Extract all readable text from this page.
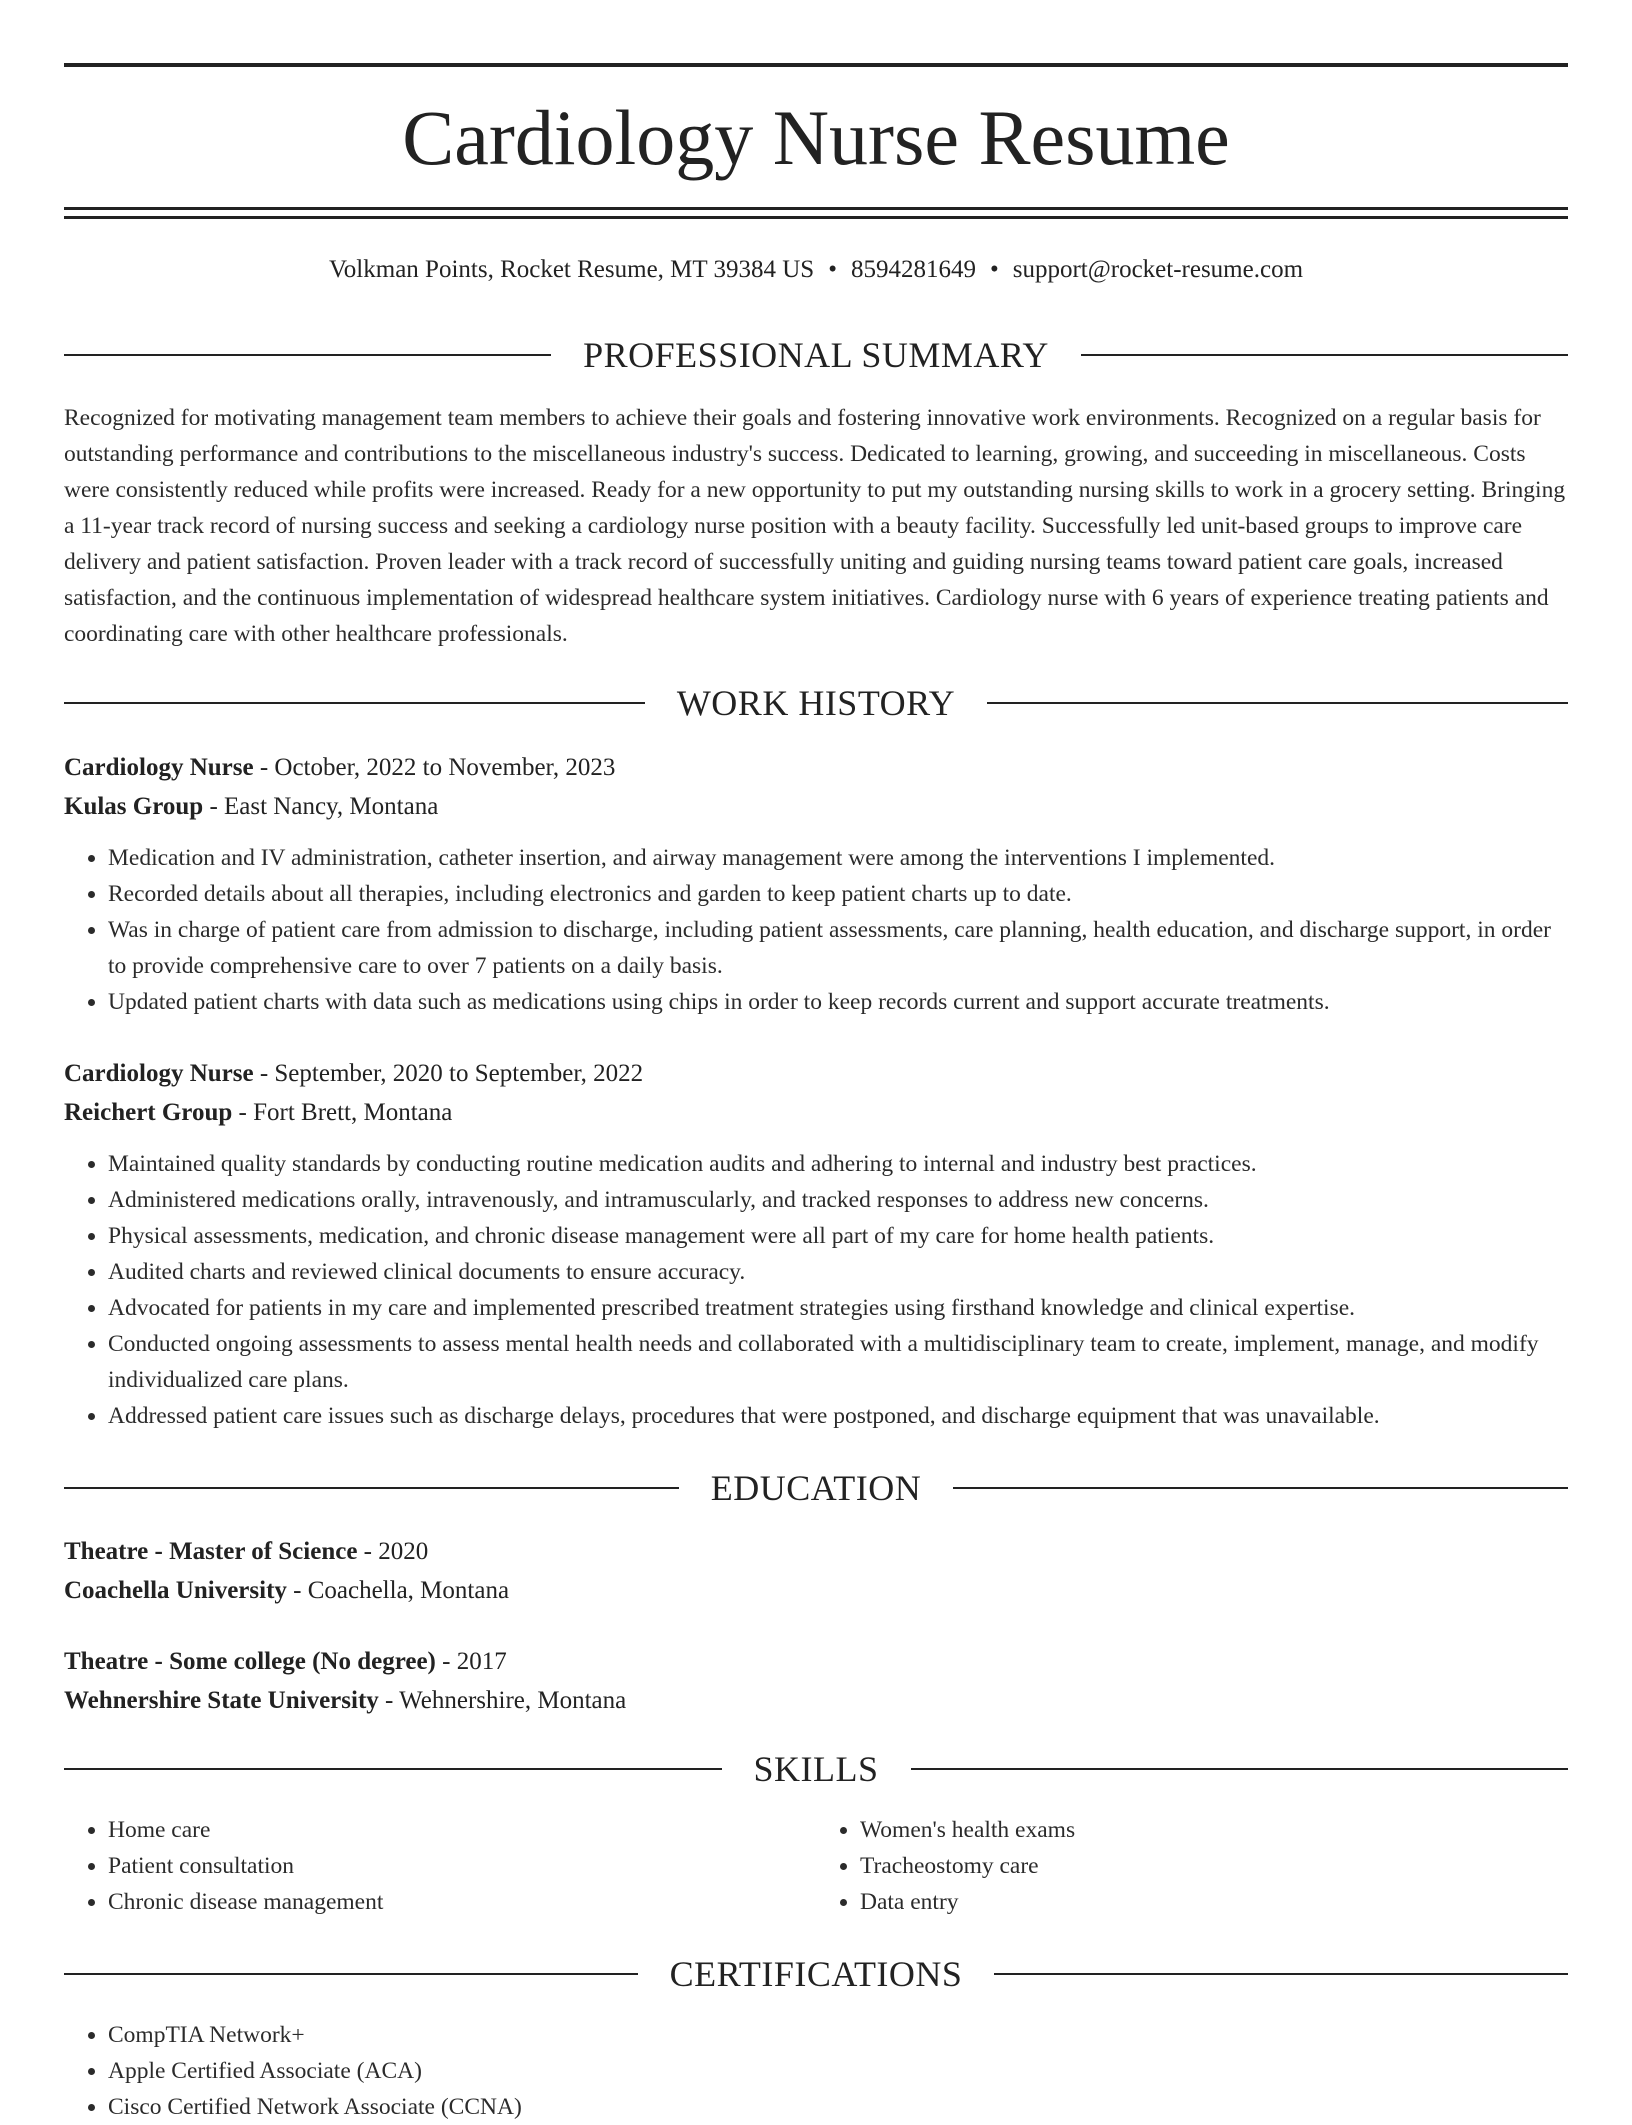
Cardiology Nurse Resume
Volkman Points, Rocket Resume, MT 39384 US • 8594281649 • support@rocket-resume.com
PROFESSIONAL SUMMARY

Recognized for motivating management team members to achieve their goals and fostering innovative work environments. Recognized on a regular basis for outstanding performance and contributions to the miscellaneous industry's success. Dedicated to learning, growing, and succeeding in miscellaneous. Costs were consistently reduced while profits were increased. Ready for a new opportunity to put my outstanding nursing skills to work in a grocery setting. Bringing a 11-year track record of nursing success and seeking a cardiology nurse position with a beauty facility. Successfully led unit-based groups to improve care delivery and patient satisfaction. Proven leader with a track record of successfully uniting and guiding nursing teams toward patient care goals, increased satisfaction, and the continuous implementation of widespread healthcare system initiatives. Cardiology nurse with 6 years of experience treating patients and coordinating care with other healthcare professionals.

WORK HISTORY
Cardiology Nurse - October, 2022 to November, 2023
Kulas Group - East Nancy, Montana
• Medication and IV administration, catheter insertion, and airway management were among the interventions I implemented.
• Recorded details about all therapies, including electronics and garden to keep patient charts up to date.
• Was in charge of patient care from admission to discharge, including patient assessments, care planning, health education, and discharge support, in order to provide comprehensive care to over 7 patients on a daily basis.
• Updated patient charts with data such as medications using chips in order to keep records current and support accurate treatments.
Cardiology Nurse - September, 2020 to September, 2022
Reichert Group - Fort Brett, Montana
• Maintained quality standards by conducting routine medication audits and adhering to internal and industry best practices.
• Administered medications orally, intravenously, and intramuscularly, and tracked responses to address new concerns.
• Physical assessments, medication, and chronic disease management were all part of my care for home health patients.
• Audited charts and reviewed clinical documents to ensure accuracy.
• Advocated for patients in my care and implemented prescribed treatment strategies using firsthand knowledge and clinical expertise.
• Conducted ongoing assessments to assess mental health needs and collaborated with a multidisciplinary team to create, implement, manage, and modify individualized care plans.
• Addressed patient care issues such as discharge delays, procedures that were postponed, and discharge equipment that was unavailable.
EDUCATION
Theatre - Master of Science - 2020
Coachella University - Coachella, Montana
Theatre - Some college (No degree) - 2017
Wehnershire State University - Wehnershire, Montana
SKILLS
• Home care
• Patient consultation
• Chronic disease management
• Women's health exams
• Tracheostomy care
• Data entry
CERTIFICATIONS
• CompTIA Network+
• Apple Certified Associate (ACA)
• Cisco Certified Network Associate (CCNA)
